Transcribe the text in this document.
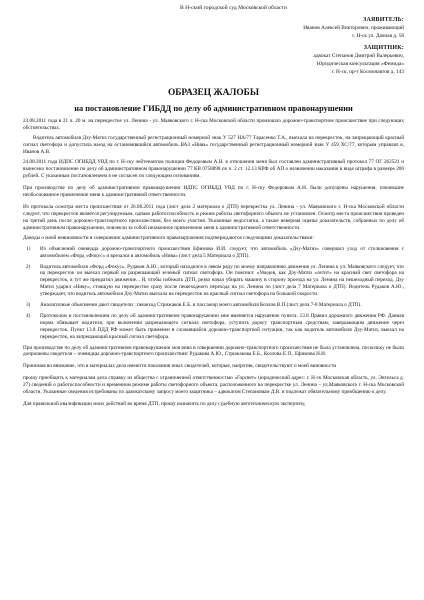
В Н-ский городской суд Московской области
ЗАЯВИТЕЛЬ:
Иванов Алексей Викторович, проживающий
г. Н-ск ул. Дачная д. 58
ЗАЩИТНИК:
адвокат Степанов Дмитрий Валерьевич,
Юридическая консультация «Фемида»
г. Н-ск, пр-т Космонавтов д. 143
ОБРАЗЕЦ ЖАЛОБЫ
на постановление ГИБДД по делу об административном правонарушении

23.08.2011 года в 21 ч. 20 м. на перекрестке ул. Ленина - ул. Маяковского г. Н-ска Московской области произошло дорожно-транспортное происшествие при следующих обстоятельствах.

Водитель автомобиля Дэу-Матиз государственный регистрационный номерной знак У 527 НА/77 Тарасенко Т.А., выехала на перекресток, на запрещающий красный сигнал светофора и допустила наезд на остановившийся автомобиль ВАЗ «Нива» государственный регистрационный номерной знак У 459 ХС/77, которым управлял я, Иванов А.В.

24.08.2011 года ИДПС ОГИБДД УВД по г. Н-ску лейтенантом полиции Федоровым А.Н. в отношении меня был составлен административный протокол 77 ОГ 262521 и вынесено постановление по делу об административном правонарушении 77 КВ 0758898 по ч. 2 ст. 12.13 КРФ об АП о назначении наказания в виде штрафа в размере 200 рублей. С указанным постановлением я не согласен по следующим основаниям.

При производстве по делу об административном правонарушении ИДПС ОГИБДД УВД по г. Н-ску Федоровым А.Н. были допущены нарушения, повлекшие необоснованное привлечение меня к административной ответственности.

Из протокола осмотра места происшествия от 26.08.2011 года (лист дела 2 материала о ДТП) перекрестка ул. Ленина - ул. Маяковского г. Н-ска Московской области следует, что перекресток является регулируемым, однако работоспособность и режим работы светофорного объекта не установлен. Осмотр места происшествия проведен на третий день после дорожно-транспортного происшествия, без моего участия. Указанные недостатки, а также неверная оценка доказательств, собранных по делу об административном правонарушении, повлекли за собой незаконное привлечение меня к административной ответственности.

Доводы о моей невиновности в совершении административного правонарушения подтверждаются следующими доказательствами:

1)	Из объяснений очевидца дорожно-транспортного происшествия Ефимова И.И. следует, что автомобиль «Дэу-Матиз» совершил уход от столкновения с автомобилем «Форд «Фокус» и врезался в автомобиль «Нива» (лист дела 5 Материала о ДТП).
2)	Водитель автомобиля «Форд «Фокус», Рудаков А.Ю., который находился в левом ряду по моему направлению движения ул. Ленина к ул. Маяковского следует, что на перекресток он выехал первый на разрешающий зеленый сигнал светофора. Он пояснил: «Увидев, как Дэу-Матиз «летит» на красный свет светофора на перекресток, я тут же прекратил движение... Я, чтобы избежать ДТП, резко начал убирать машину в сторону проезда на ул. Ленина на пешеходный переход. Дэу Матиз ударил «Ниву», стоящую на перекрестке сразу после пешеходного перехода на ул. Ленина по (лист дела 7 Материала о ДТП). Водитель Рудаков А.Ю., утверждает, что водитель автомобиля Дэу-Матиз выехала на перекресток на красный сигнал светофора на большой скорости.
3)	Аналогичные объяснения дают свидетели : пешеход Стрижаков Е.Б. и пассажир моего автомобиля Козлов В.П.(лист дела 7-8 Материала о ДТП).
4)	Протоколом и постановлением по делу об административном правонарушении мне вменяется нарушение пункта. 13.8 Правил дорожного движения РФ. Данная норма обязывает водителя, при включении разрешающего сигнала светофора, уступить дорогу транспортным средствам, завершающим движение через перекресток. Пункт 13.8 ПДД РФ может быть применен в сложившейся дорожно-транспортной ситуации, так как водитель автомобиля Дэу-Матиз, выехал на перекресток, на запрещающий красный сигнал светофора.

При производстве по делу об административном правонарушении моя вина в совершении дорожно-транспортного происшествия не была установлена, поскольку не были допрошены свидетели – очевидцы дорожно-транспортного происшествия: Рудакова А.Ю., Стрижакова Е.Б., Козлова Е.П., Ефимова Н.И.

Принимая во внимание, что в материалах дела имеются показания иных свидетелей, которые, напротив, свидетельствуют о моей виновности

прошу приобщить к материалам дела справку из общества с ограниченной ответственностью «Горсвет» (юридический адрес: г. Н-ск Московская область, ул. Энгельса д. 27) сведений о работоспособности и временном режиме работы светофорного объекта, расположенного на перекрестке ул. Ленина – ул.Маяковского г. Н-ска Московской области. Указанные сведения истребованы по адвокатскому запросу моего защитника – адвокатом Степановым Д.В. и подлежат обязательному приобщению к делу.

Для правильной квалификации моих действий во время ДТП, прошу назначить по делу судебную автотехническую экспертизу,
